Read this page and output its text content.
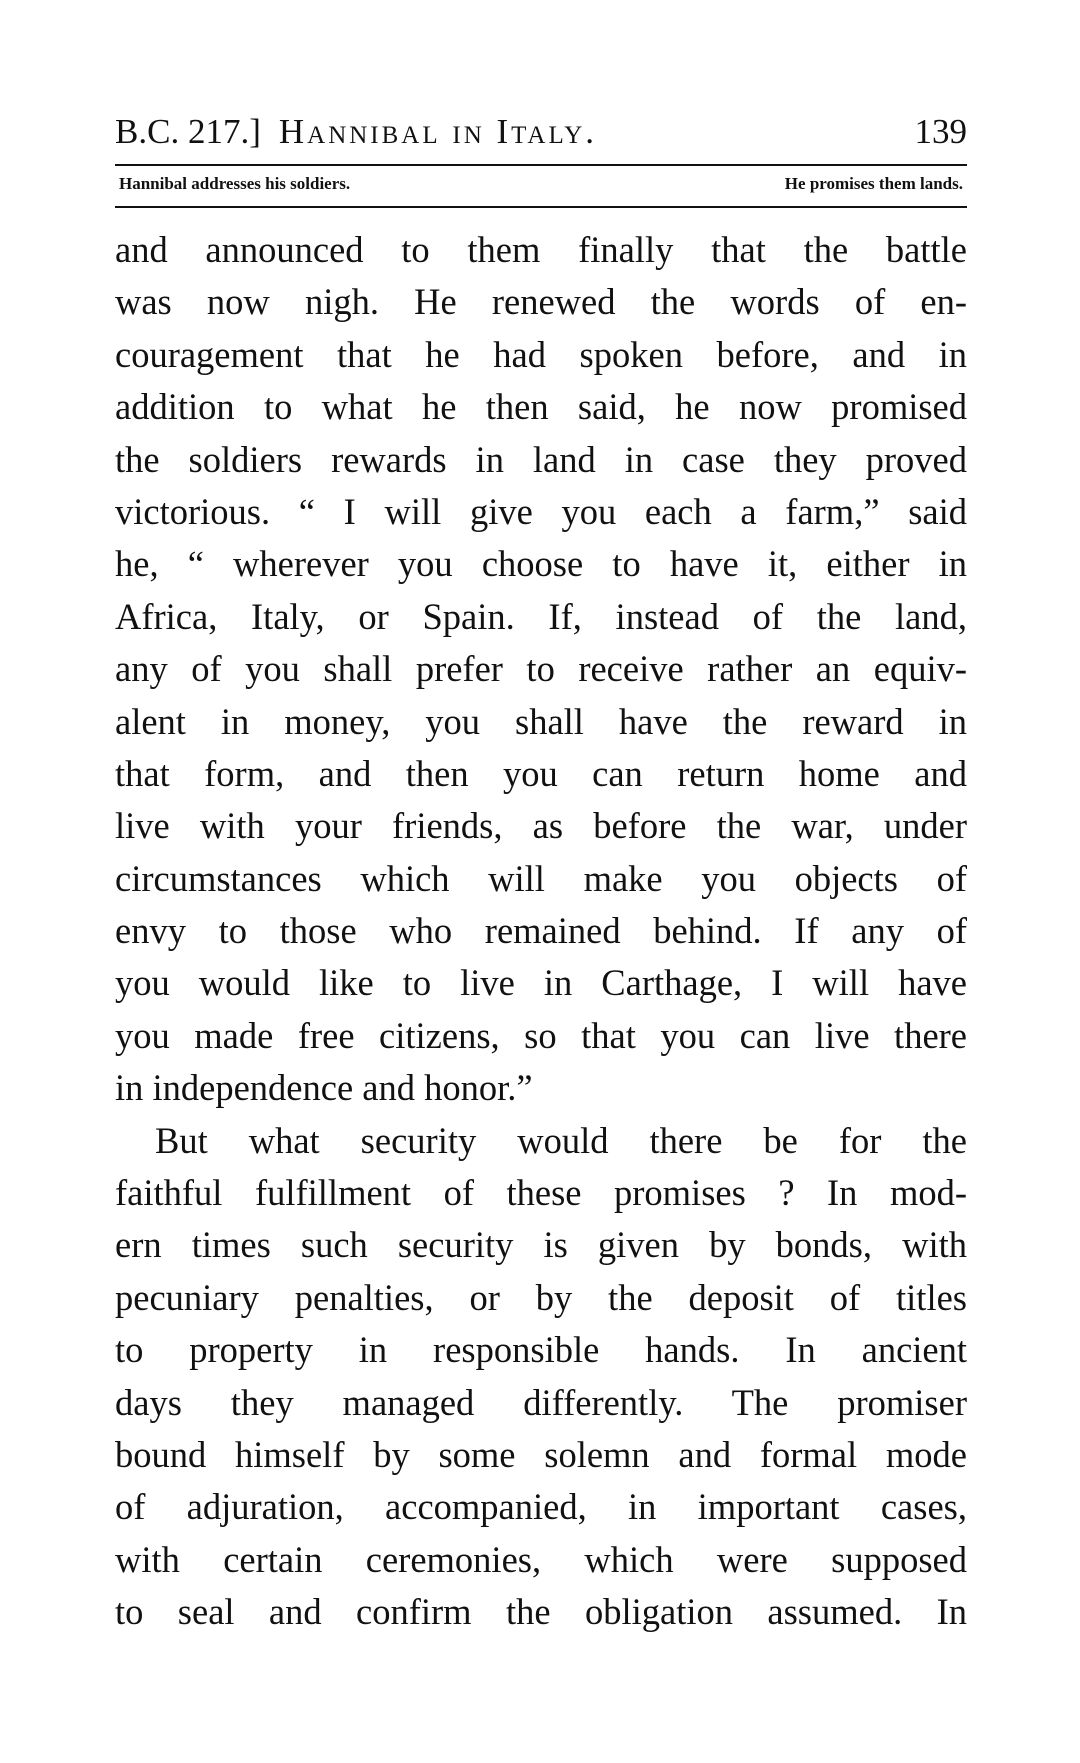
B.C. 217.] Hannibal in Italy.	139
Hannibal addresses his soldiers.	He promises them lands.
and announced to them finally that the battle
was now nigh. He renewed the words of en-
couragement that he had spoken before, and in
addition to what he then said, he now promised
the soldiers rewards in land in case they proved
victorious. “ I will give you each a farm,” said
he, “ wherever you choose to have it, either in
Africa, Italy, or Spain. If, instead of the land,
any of you shall prefer to receive rather an equiv-
alent in money, you shall have the reward in
that form, and then you can return home and
live with your friends, as before the war, under
circumstances which will make you objects of
envy to those who remained behind. If any of
you would like to live in Carthage, I will have
you made free citizens, so that you can live there
in independence and honor.”
But what security would there be for the
faithful fulfillment of these promises ? In mod-
ern times such security is given by bonds, with
pecuniary penalties, or by the deposit of titles
to property in responsible hands. In ancient
days they managed differently. The promiser
bound himself by some solemn and formal mode
of adjuration, accompanied, in important cases,
with certain ceremonies, which were supposed
to seal and confirm the obligation assumed. In
